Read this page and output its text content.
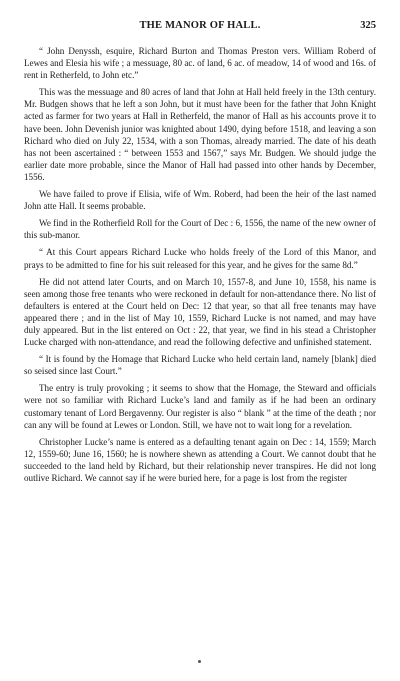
THE MANOR OF HALL.	325

“ John Denyssh, esquire, Richard Burton and Thomas Preston vers. William Roberd of Lewes and Elesia his wife ; a messuage, 80 ac. of land, 6 ac. of meadow, 14 of wood and 16s. of rent in Retherfeld, to John etc.”

This was the messuage and 80 acres of land that John at Hall held freely in the 13th century. Mr. Budgen shows that he left a son John, but it must have been for the father that John Knight acted as farmer for two years at Hall in Retherfeld, the manor of Hall as his accounts prove it to have been. John Devenish junior was knighted about 1490, dying before 1518, and leaving a son Richard who died on July 22, 1534, with a son Thomas, already married. The date of his death has not been ascertained : “ between 1553 and 1567,” says Mr. Budgen. We should judge the earlier date more probable, since the Manor of Hall had passed into other hands by December, 1556.

We have failed to prove if Elisia, wife of Wm. Roberd, had been the heir of the last named John atte Hall. It seems probable.

We find in the Rotherfield Roll for the Court of Dec : 6, 1556, the name of the new owner of this sub-manor.

“ At this Court appears Richard Lucke who holds freely of the Lord of this Manor, and prays to be admitted to fine for his suit released for this year, and he gives for the same 8d.”

He did not attend later Courts, and on March 10, 1557-8, and June 10, 1558, his name is seen among those free tenants who were reckoned in default for non-attendance there. No list of defaulters is entered at the Court held on Dec: 12 that year, so that all free tenants may have appeared there ; and in the list of May 10, 1559, Richard Lucke is not named, and may have duly appeared. But in the list entered on Oct : 22, that year, we find in his stead a Christopher Lucke charged with non-attendance, and read the following defective and unfinished statement.

“ It is found by the Homage that Richard Lucke who held certain land, namely [blank] died so seised since last Court.”

The entry is truly provoking ; it seems to show that the Homage, the Steward and officials were not so familiar with Richard Lucke’s land and family as if he had been an ordinary customary tenant of Lord Bergavenny. Our register is also “ blank ” at the time of the death ; nor can any will be found at Lewes or London. Still, we have not to wait long for a revelation.

Christopher Lucke’s name is entered as a defaulting tenant again on Dec : 14, 1559; March 12, 1559-60; June 16, 1560; he is nowhere shewn as attending a Court. We cannot doubt that he succeeded to the land held by Richard, but their relationship never transpires. He did not long outlive Richard. We cannot say if he were buried here, for a page is lost from the register
